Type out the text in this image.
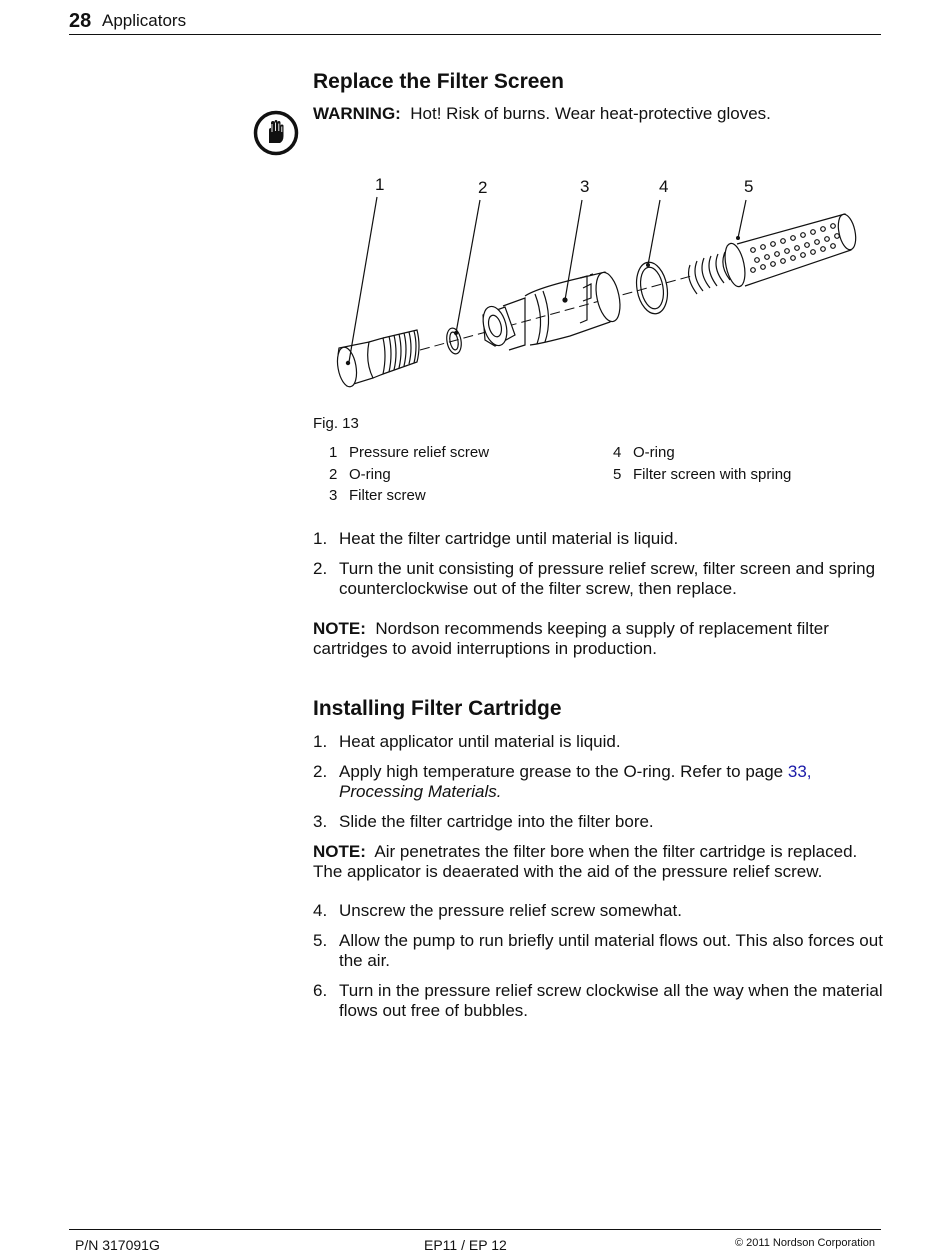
28 Applicators
Replace the Filter Screen
WARNING: Hot! Risk of burns. Wear heat-protective gloves.
1	2	3	4	5
Fig. 13
1 Pressure relief screw
2 O-ring
3 Filter screw
4 O-ring
5 Filter screen with spring
1. Heat the filter cartridge until material is liquid.
2. Turn the unit consisting of pressure relief screw, filter screen and spring counterclockwise out of the filter screw, then replace.
NOTE: Nordson recommends keeping a supply of replacement filter cartridges to avoid interruptions in production.
Installing Filter Cartridge
1. Heat applicator until material is liquid.
2. Apply high temperature grease to the O-ring. Refer to page 33,
Processing Materials.
3. Slide the filter cartridge into the filter bore.
NOTE: Air penetrates the filter bore when the filter cartridge is replaced. The applicator is deaerated with the aid of the pressure relief screw.
4. Unscrew the pressure relief screw somewhat.
5. Allow the pump to run briefly until material flows out. This also forces out the air.
6. Turn in the pressure relief screw clockwise all the way when the material flows out free of bubbles.
P/N 317091G	EP11 / EP 12	© 2011 Nordson Corporation
